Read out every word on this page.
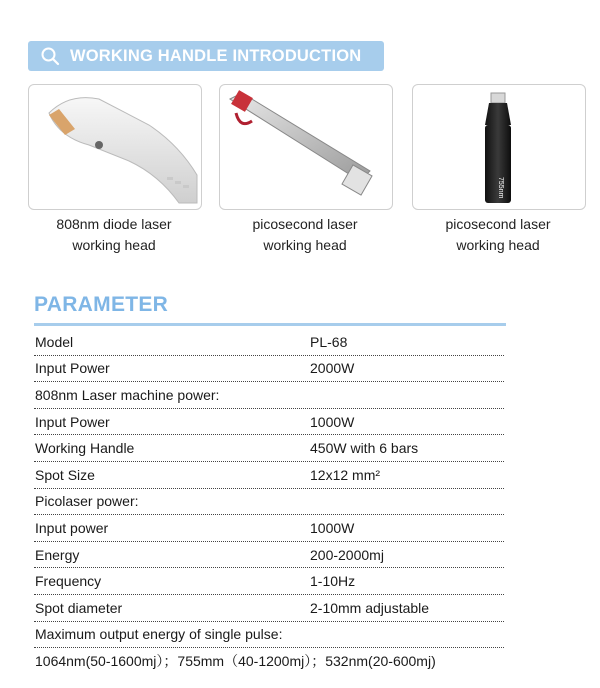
WORKING HANDLE INTRODUCTION
808nm diode laser
working head
picosecond laser
working head
755nm
picosecond laser
working head
PARAMETER
Model	PL-68
Input Power	2000W
808nm Laser machine power:
Input Power	1000W
Working Handle	450W with 6 bars
Spot Size	12x12 mm²
Picolaser power:
Input power	1000W
Energy	200-2000mj
Frequency	1-10Hz
Spot diameter	2-10mm adjustable
Maximum output energy of single pulse:
1064nm(50-1600mj）；755mm（40-1200mj）；532nm(20-600mj)
